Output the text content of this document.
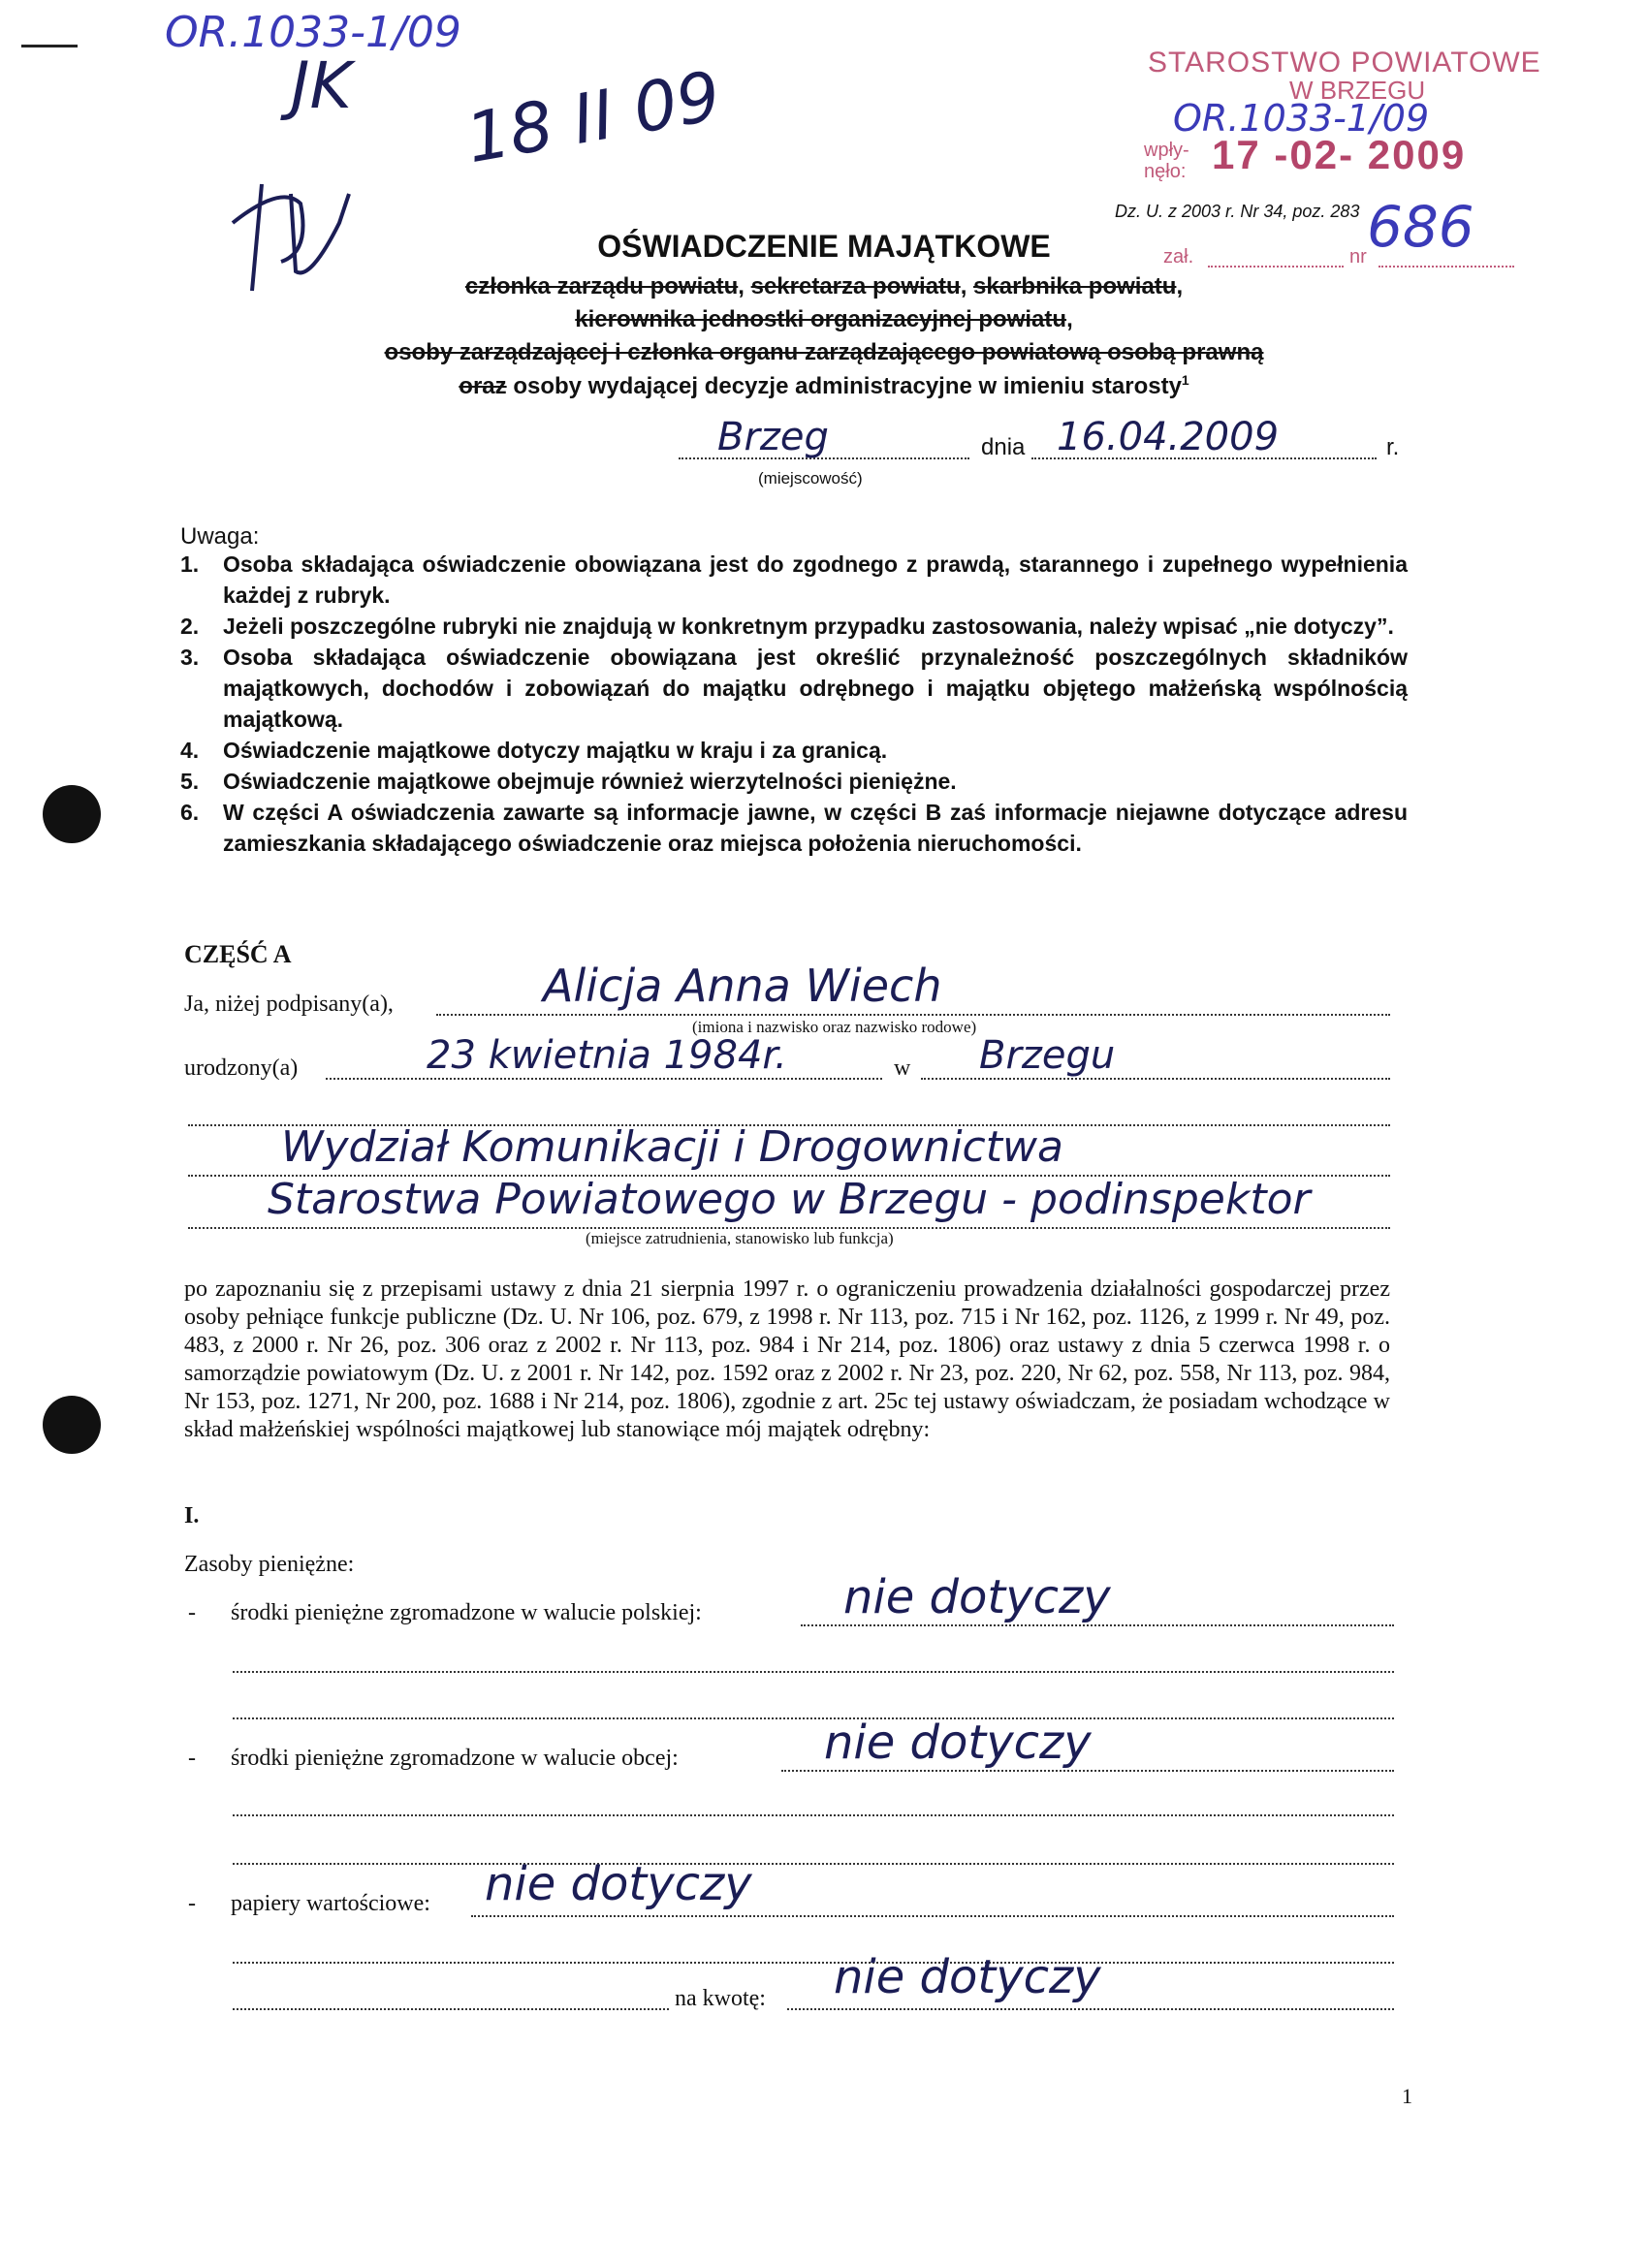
OR.1033-1/09
JK 18 II 09	STAROSTWO POWIATOWE
W BRZEGU
OR.1033-1/09
wpły-
nęło: 17 -02- 2009
zał.	nr 686
Dz. U. z 2003 r. Nr 34, poz. 283
OŚWIADCZENIE MAJĄTKOWE
członka zarządu powiatu, sekretarza powiatu, skarbnika powiatu,
kierownika jednostki organizacyjnej powiatu,
osoby zarządzającej i członka organu zarządzającego powiatową osobą prawną
oraz osoby wydającej decyzje administracyjne w imieniu starosty$^1$
Brzeg	dnia 16.04.2009	r.
(miejscowość)
Uwaga:
1.	Osoba składająca oświadczenie obowiązana jest do zgodnego z prawdą, starannego i zupełnego wypełnienia każdej z rubryk.
2.	Jeżeli poszczególne rubryki nie znajdują w konkretnym przypadku zastosowania, należy wpisać „nie dotyczy”.
3.	Osoba składająca oświadczenie obowiązana jest określić przynależność poszczególnych składników majątkowych, dochodów i zobowiązań do majątku odrębnego i majątku objętego małżeńską wspólnością majątkową.
4.	Oświadczenie majątkowe dotyczy majątku w kraju i za granicą.
5.	Oświadczenie majątkowe obejmuje również wierzytelności pieniężne.
6.	W części A oświadczenia zawarte są informacje jawne, w części B zaś informacje niejawne dotyczące adresu zamieszkania składającego oświadczenie oraz miejsca położenia nieruchomości.
CZĘŚĆ A
Ja, niżej podpisany(a),	Alicja Anna Wiech
(imiona i nazwisko oraz nazwisko rodowe)
urodzony(a)	23 kwietnia 1984r.	w Brzegu
Wydział Komunikacji i Drogownictwa
Starostwa Powiatowego w Brzegu - podinspektor
(miejsce zatrudnienia, stanowisko lub funkcja)
po zapoznaniu się z przepisami ustawy z dnia 21 sierpnia 1997 r. o ograniczeniu prowadzenia działalności gospodarczej przez osoby pełniące funkcje publiczne (Dz. U. Nr 106, poz. 679, z 1998 r. Nr 113, poz. 715 i Nr 162, poz. 1126, z 1999 r. Nr 49, poz. 483, z 2000 r. Nr 26, poz. 306 oraz z 2002 r. Nr 113, poz. 984 i Nr 214, poz. 1806) oraz ustawy z dnia 5 czerwca 1998 r. o samorządzie powiatowym (Dz. U. z 2001 r. Nr 142, poz. 1592 oraz z 2002 r. Nr 23, poz. 220, Nr 62, poz. 558, Nr 113, poz. 984, Nr 153, poz. 1271, Nr 200, poz. 1688 i Nr 214, poz. 1806), zgodnie z art. 25c tej ustawy oświadczam, że posiadam wchodzące w skład małżeńskiej wspólności majątkowej lub stanowiące mój majątek odrębny:
I.
Zasoby pieniężne:
- środki pieniężne zgromadzone w walucie polskiej:	nie dotyczy
- środki pieniężne zgromadzone w walucie obcej:	nie dotyczy
- papiery wartościowe: nie dotyczy
na kwotę: nie dotyczy
1
